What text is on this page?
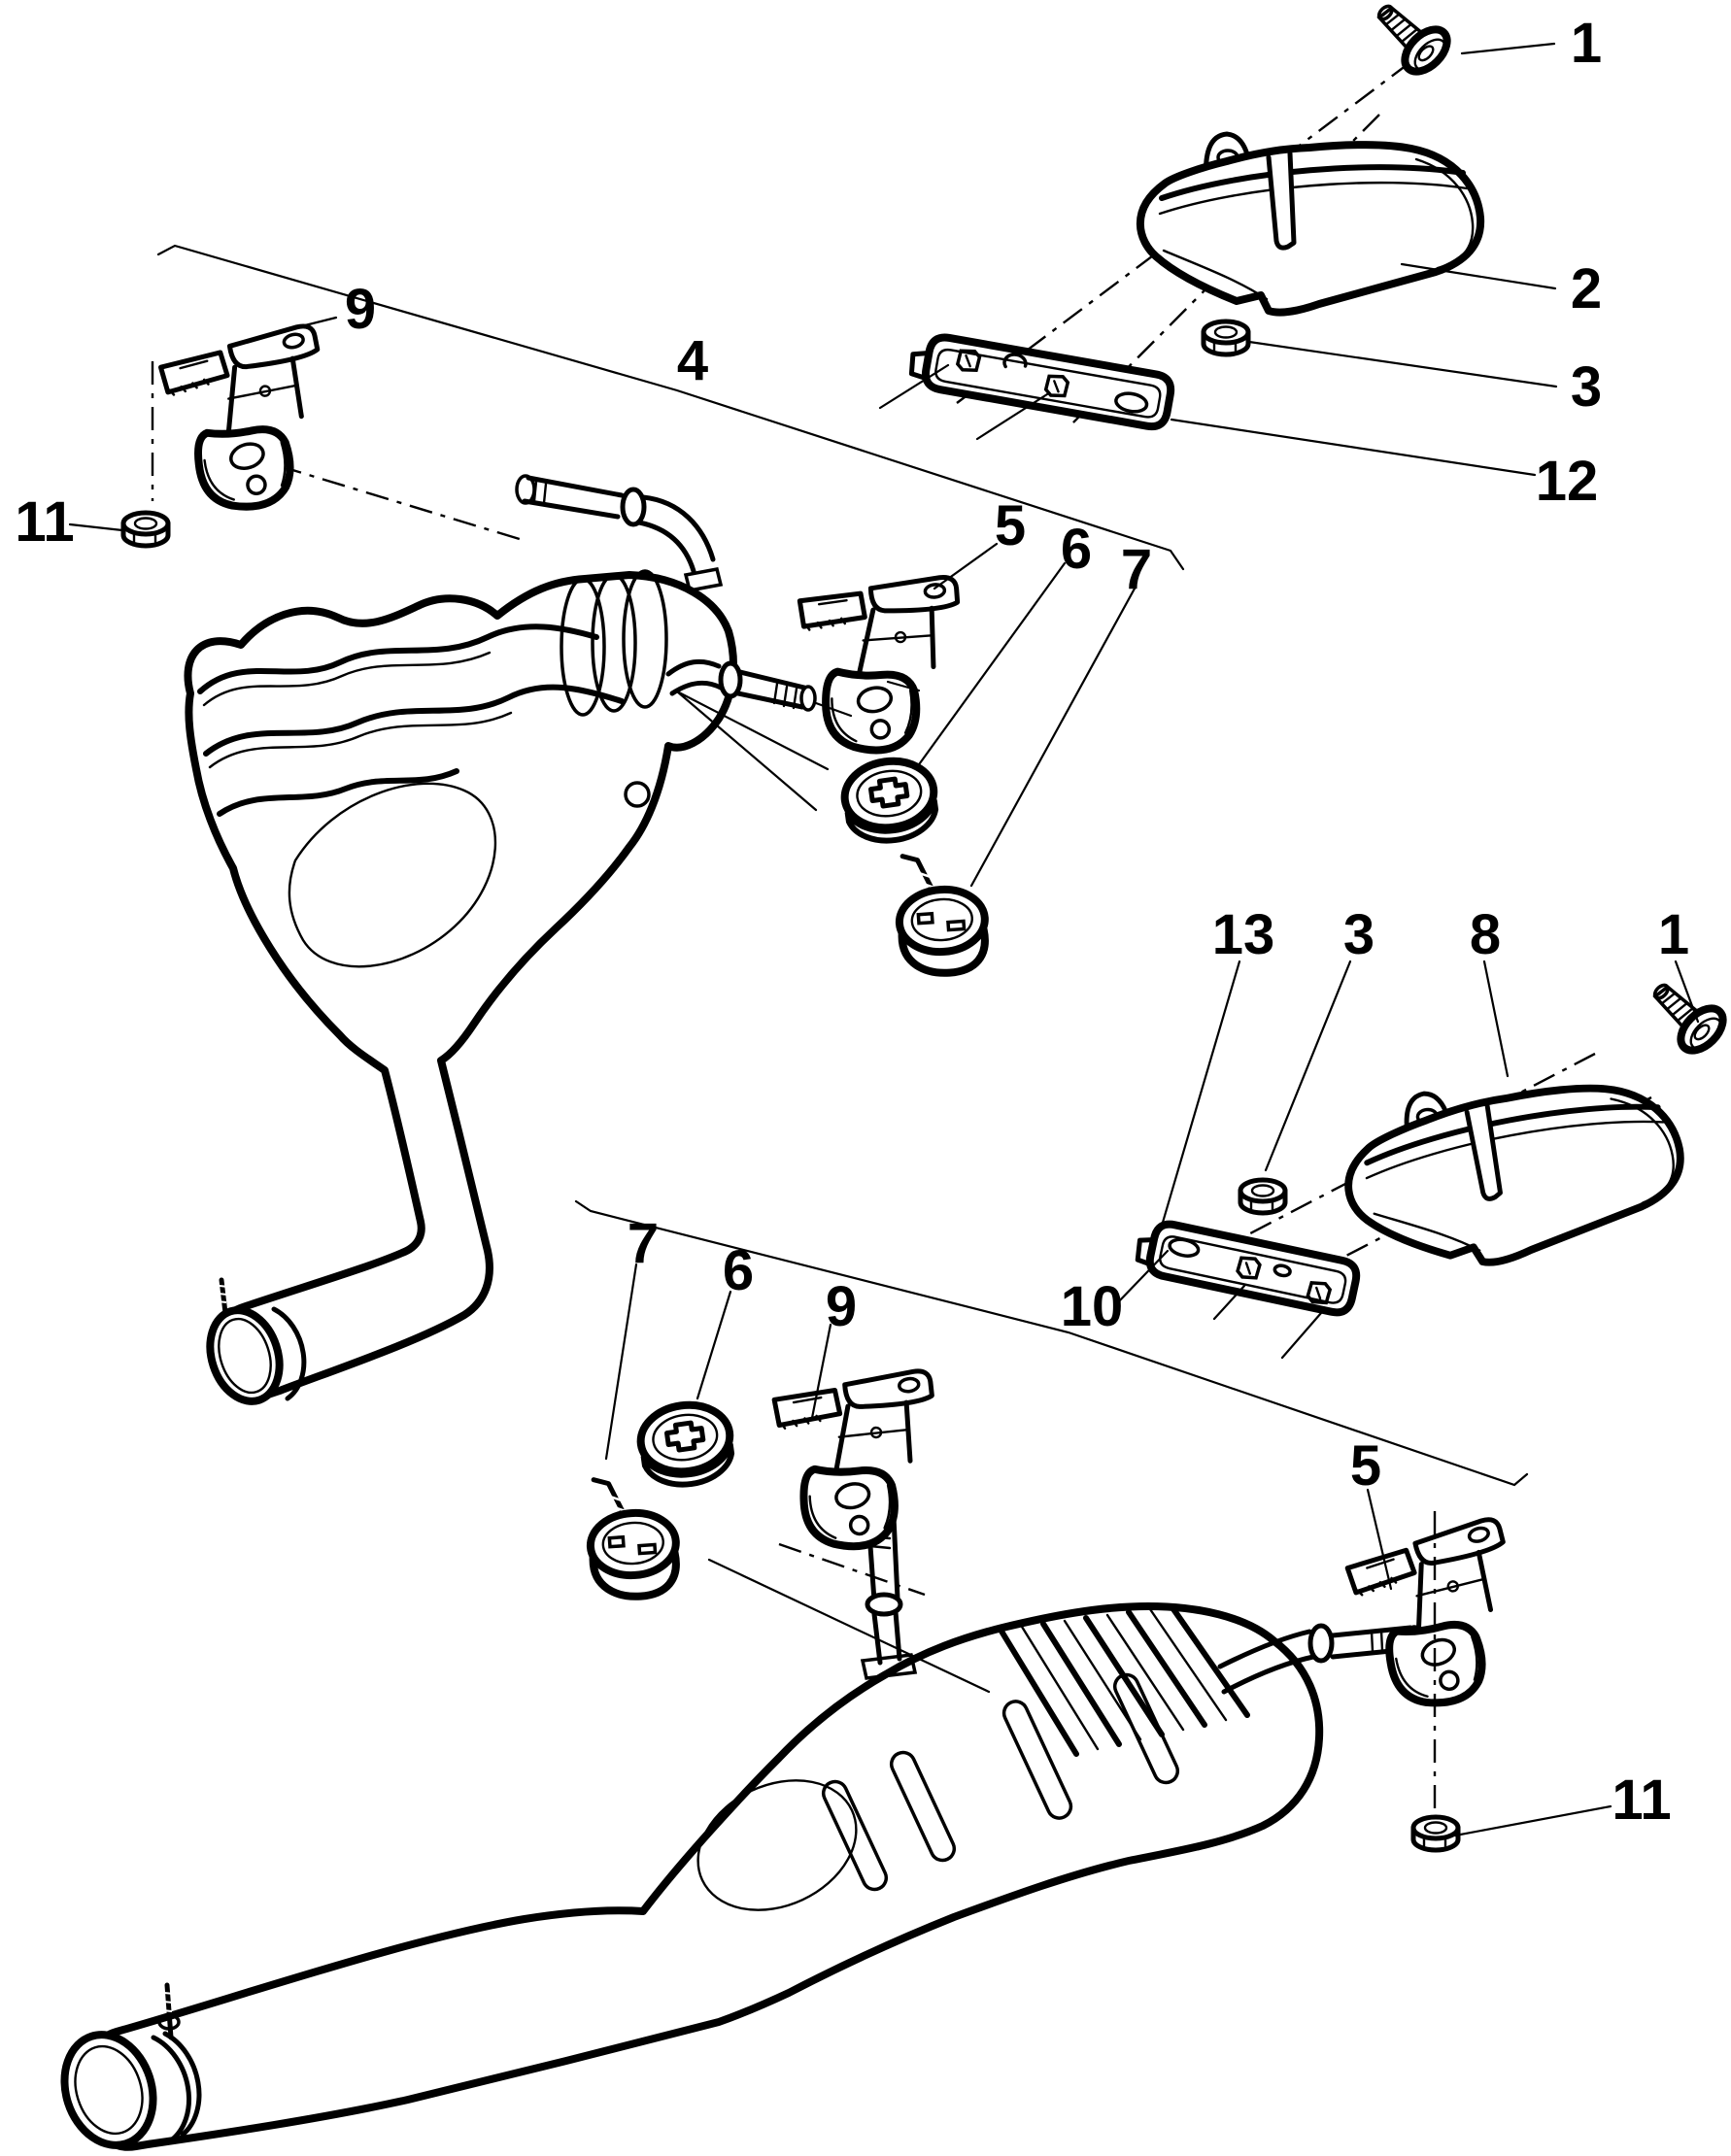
1
2
3
12
9
4
11	5 6 7
13 3 8	1
7 6
9	10
5
11
